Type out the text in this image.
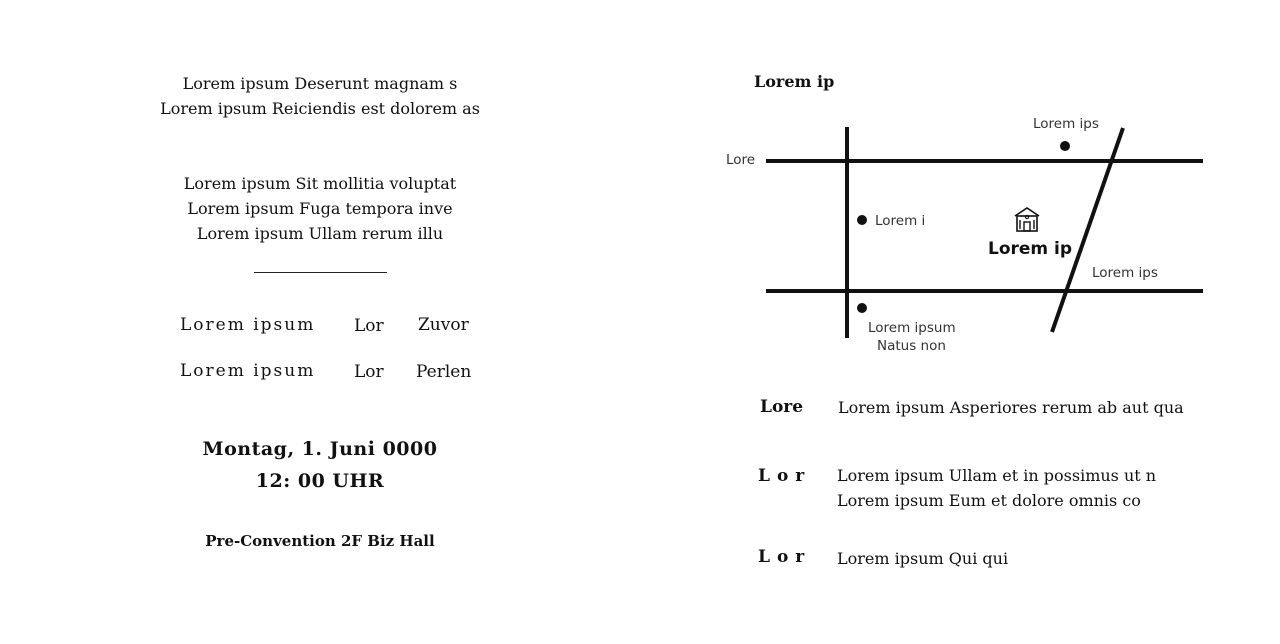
Lorem ipsum Deserunt magnam s
Lorem ipsum Reiciendis est dolorem as
Lorem ipsum Sit mollitia voluptat
Lorem ipsum Fuga tempora inve
Lorem ipsum Ullam rerum illu
Lorem ipsum Lor Zuvor
Lorem ipsum Lor Perlen
Montag, 1. Juni 0000
12: 00 UHR
Pre-Convention 2F Biz Hall
Lorem ip
Lore
Lorem ips
Lorem i
Lorem ips
Lorem ipsum
Natus non
Lorem ip
Lore Lorem ipsum Asperiores rerum ab aut qua
Lor Lorem ipsum Ullam et in possimus ut n
Lorem ipsum Eum et dolore omnis co
Lor Lorem ipsum Qui qui
